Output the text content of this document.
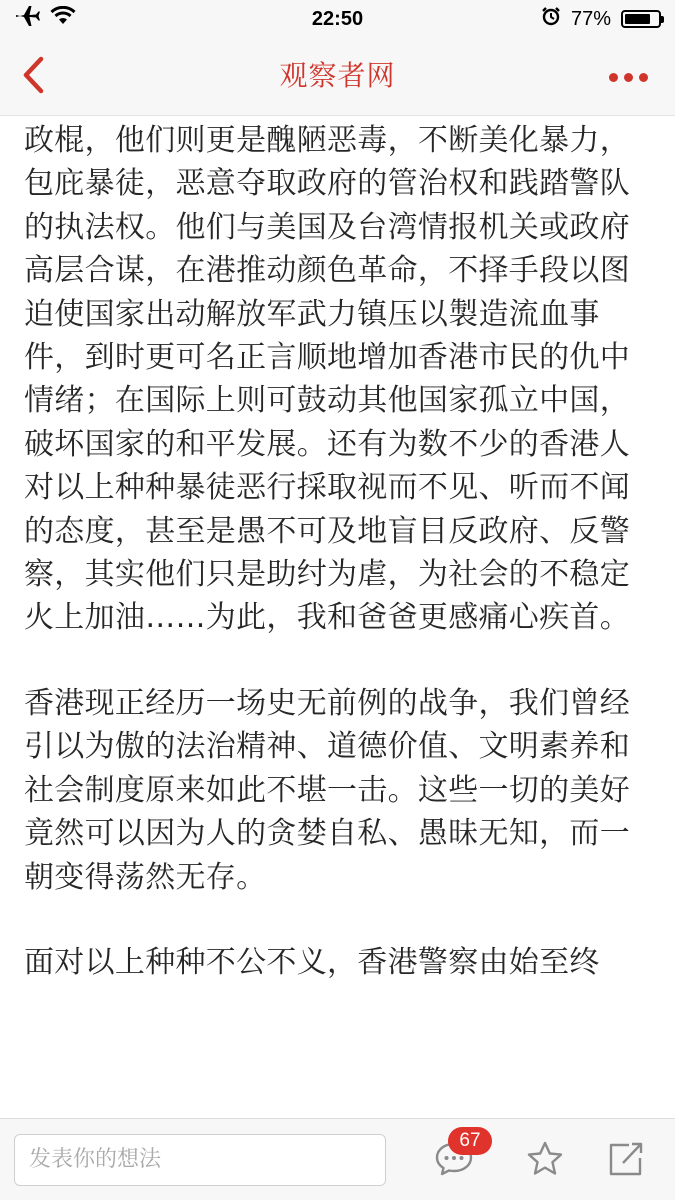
22:50	77%
观察者网

政棍，他们则更是醜陋恶毒，不断美化暴力，包庇暴徒，恶意夺取政府的管治权和践踏警队的执法权。他们与美国及台湾情报机关或政府高层合谋，在港推动颜色革命，不择手段以图迫使国家出动解放军武力镇压以製造流血事件，到时更可名正言顺地增加香港市民的仇中情绪；在国际上则可鼓动其他国家孤立中国，破坏国家的和平发展。还有为数不少的香港人对以上种种暴徒恶行採取视而不见、听而不闻的态度，甚至是愚不可及地盲目反政府、反警察，其实他们只是助纣为虐，为社会的不稳定火上加油……为此，我和爸爸更感痛心疾首。

香港现正经历一场史无前例的战争，我们曾经引以为傲的法治精神、道德价值、文明素养和社会制度原来如此不堪一击。这些一切的美好竟然可以因为人的贪婪自私、愚昧无知，而一朝变得荡然无存。

面对以上种种不公不义，香港警察由始至终

发表你的想法
67
